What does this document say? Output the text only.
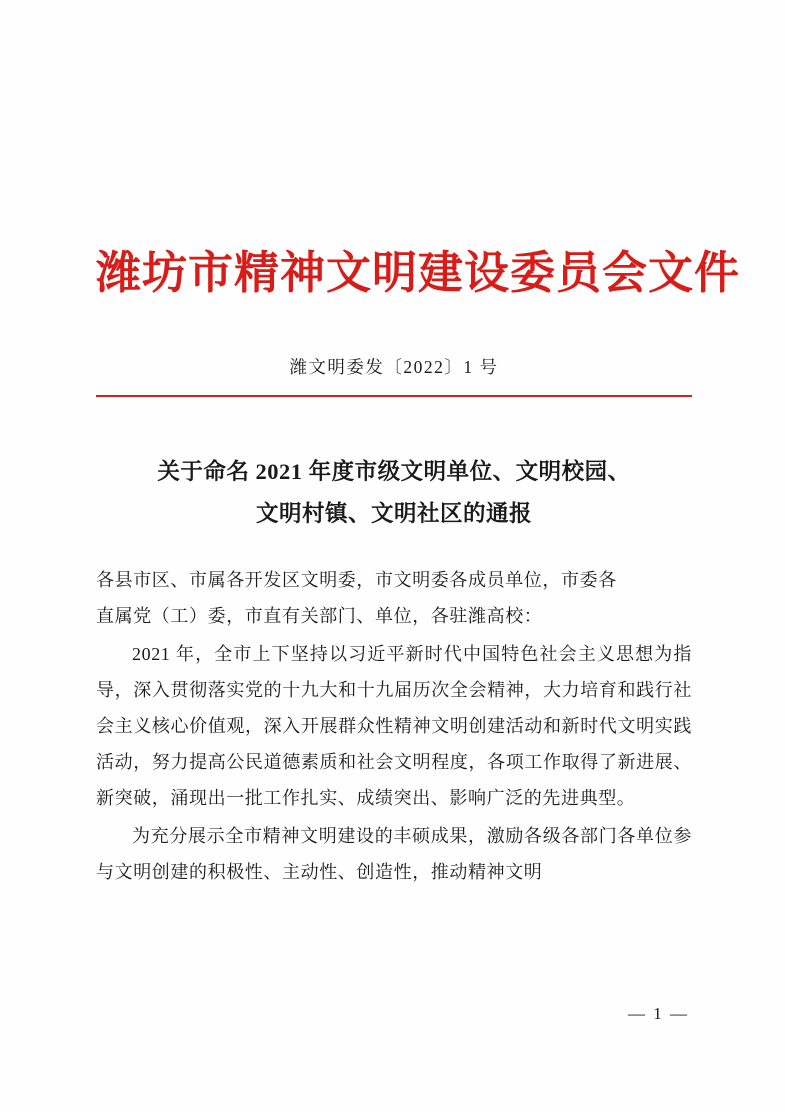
潍坊市精神文明建设委员会文件
潍文明委发〔2022〕1 号
关于命名 2021 年度市级文明单位、文明校园、
文明村镇、文明社区的通报

各县市区、市属各开发区文明委，市文明委各成员单位，市委各

直属党（工）委，市直有关部门、单位，各驻潍高校：

2021 年，全市上下坚持以习近平新时代中国特色社会主义思想为指导，深入贯彻落实党的十九大和十九届历次全会精神，大力培育和践行社会主义核心价值观，深入开展群众性精神文明创建活动和新时代文明实践活动，努力提高公民道德素质和社会文明程度，各项工作取得了新进展、新突破，涌现出一批工作扎实、成绩突出、影响广泛的先进典型。

为充分展示全市精神文明建设的丰硕成果，激励各级各部门各单位参与文明创建的积极性、主动性、创造性，推动精神文明

— 1 —
